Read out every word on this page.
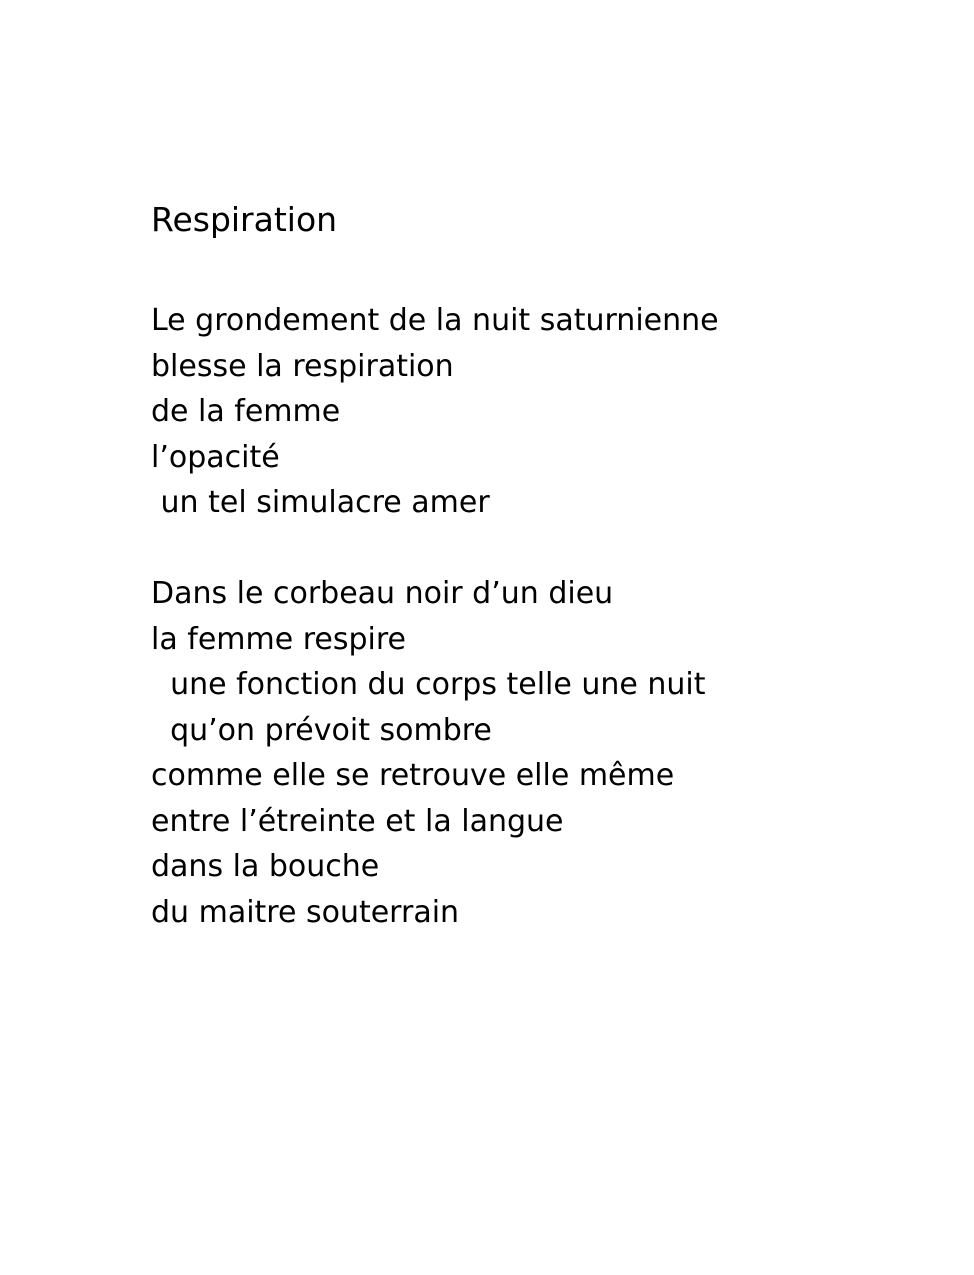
Respiration
Le grondement de la nuit saturnienne
blesse la respiration
de la femme
l’opacité
un tel simulacre amer
Dans le corbeau noir d’un dieu
la femme respire
une fonction du corps telle une nuit
qu’on prévoit sombre
comme elle se retrouve elle même
entre l’étreinte et la langue
dans la bouche
du maitre souterrain
